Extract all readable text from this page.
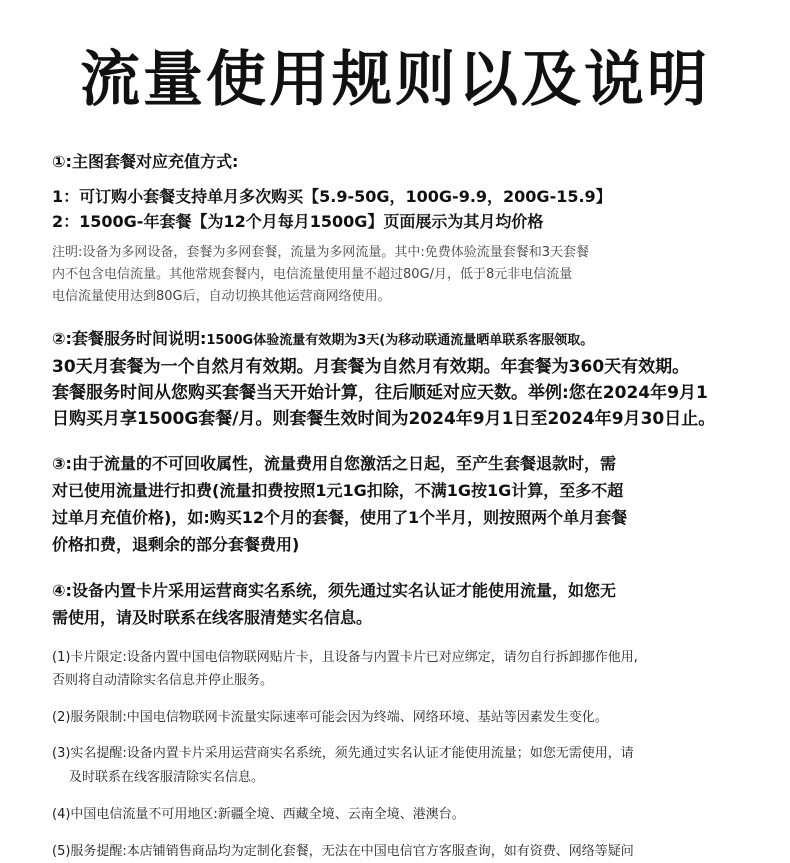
流量使用规则以及说明
①:主图套餐对应充值方式:
1：可订购小套餐支持单月多次购买【5.9-50G，100G-9.9，200G-15.9】
2：1500G-年套餐【为12个月每月1500G】页面展示为其月均价格
注明:设备为多网设备，套餐为多网套餐，流量为多网流量。其中:免费体验流量套餐和3天套餐
内不包含电信流量。其他常规套餐内，电信流量使用量不超过80G/月，低于8元非电信流量
电信流量使用达到80G后，自动切换其他运营商网络使用。
②:套餐服务时间说明:1500G体验流量有效期为3天(为移动联通流量晒单联系客服领取。
30天月套餐为一个自然月有效期。月套餐为自然月有效期。年套餐为360天有效期。
套餐服务时间从您购买套餐当天开始计算，往后顺延对应天数。举例:您在2024年9月1
日购买月享1500G套餐/月。则套餐生效时间为2024年9月1日至2024年9月30日止。
③:由于流量的不可回收属性，流量费用自您激活之日起，至产生套餐退款时，需
对已使用流量进行扣费(流量扣费按照1元1G扣除，不满1G按1G计算，至多不超
过单月充值价格)，如:购买12个月的套餐，使用了1个半月，则按照两个单月套餐
价格扣费，退剩余的部分套餐费用)
④:设备内置卡片采用运营商实名系统，须先通过实名认证才能使用流量，如您无
需使用，请及时联系在线客服清楚实名信息。
(1)卡片限定:设备内置中国电信物联网贴片卡，且设备与内置卡片已对应绑定，请勿自行拆卸挪作他用,
否则将自动清除实名信息并停止服务。
(2)服务限制:中国电信物联网卡流量实际速率可能会因为终端、网络环境、基站等因素发生变化。
(3)实名提醒:设备内置卡片采用运营商实名系统，须先通过实名认证才能使用流量；如您无需使用，请
及时联系在线客服清除实名信息。
(4)中国电信流量不可用地区:新疆全境、西藏全境、云南全境、港澳台。
(5)服务提醒:本店铺销售商品均为定制化套餐，无法在中国电信官方客服查询，如有资费、网络等疑问
